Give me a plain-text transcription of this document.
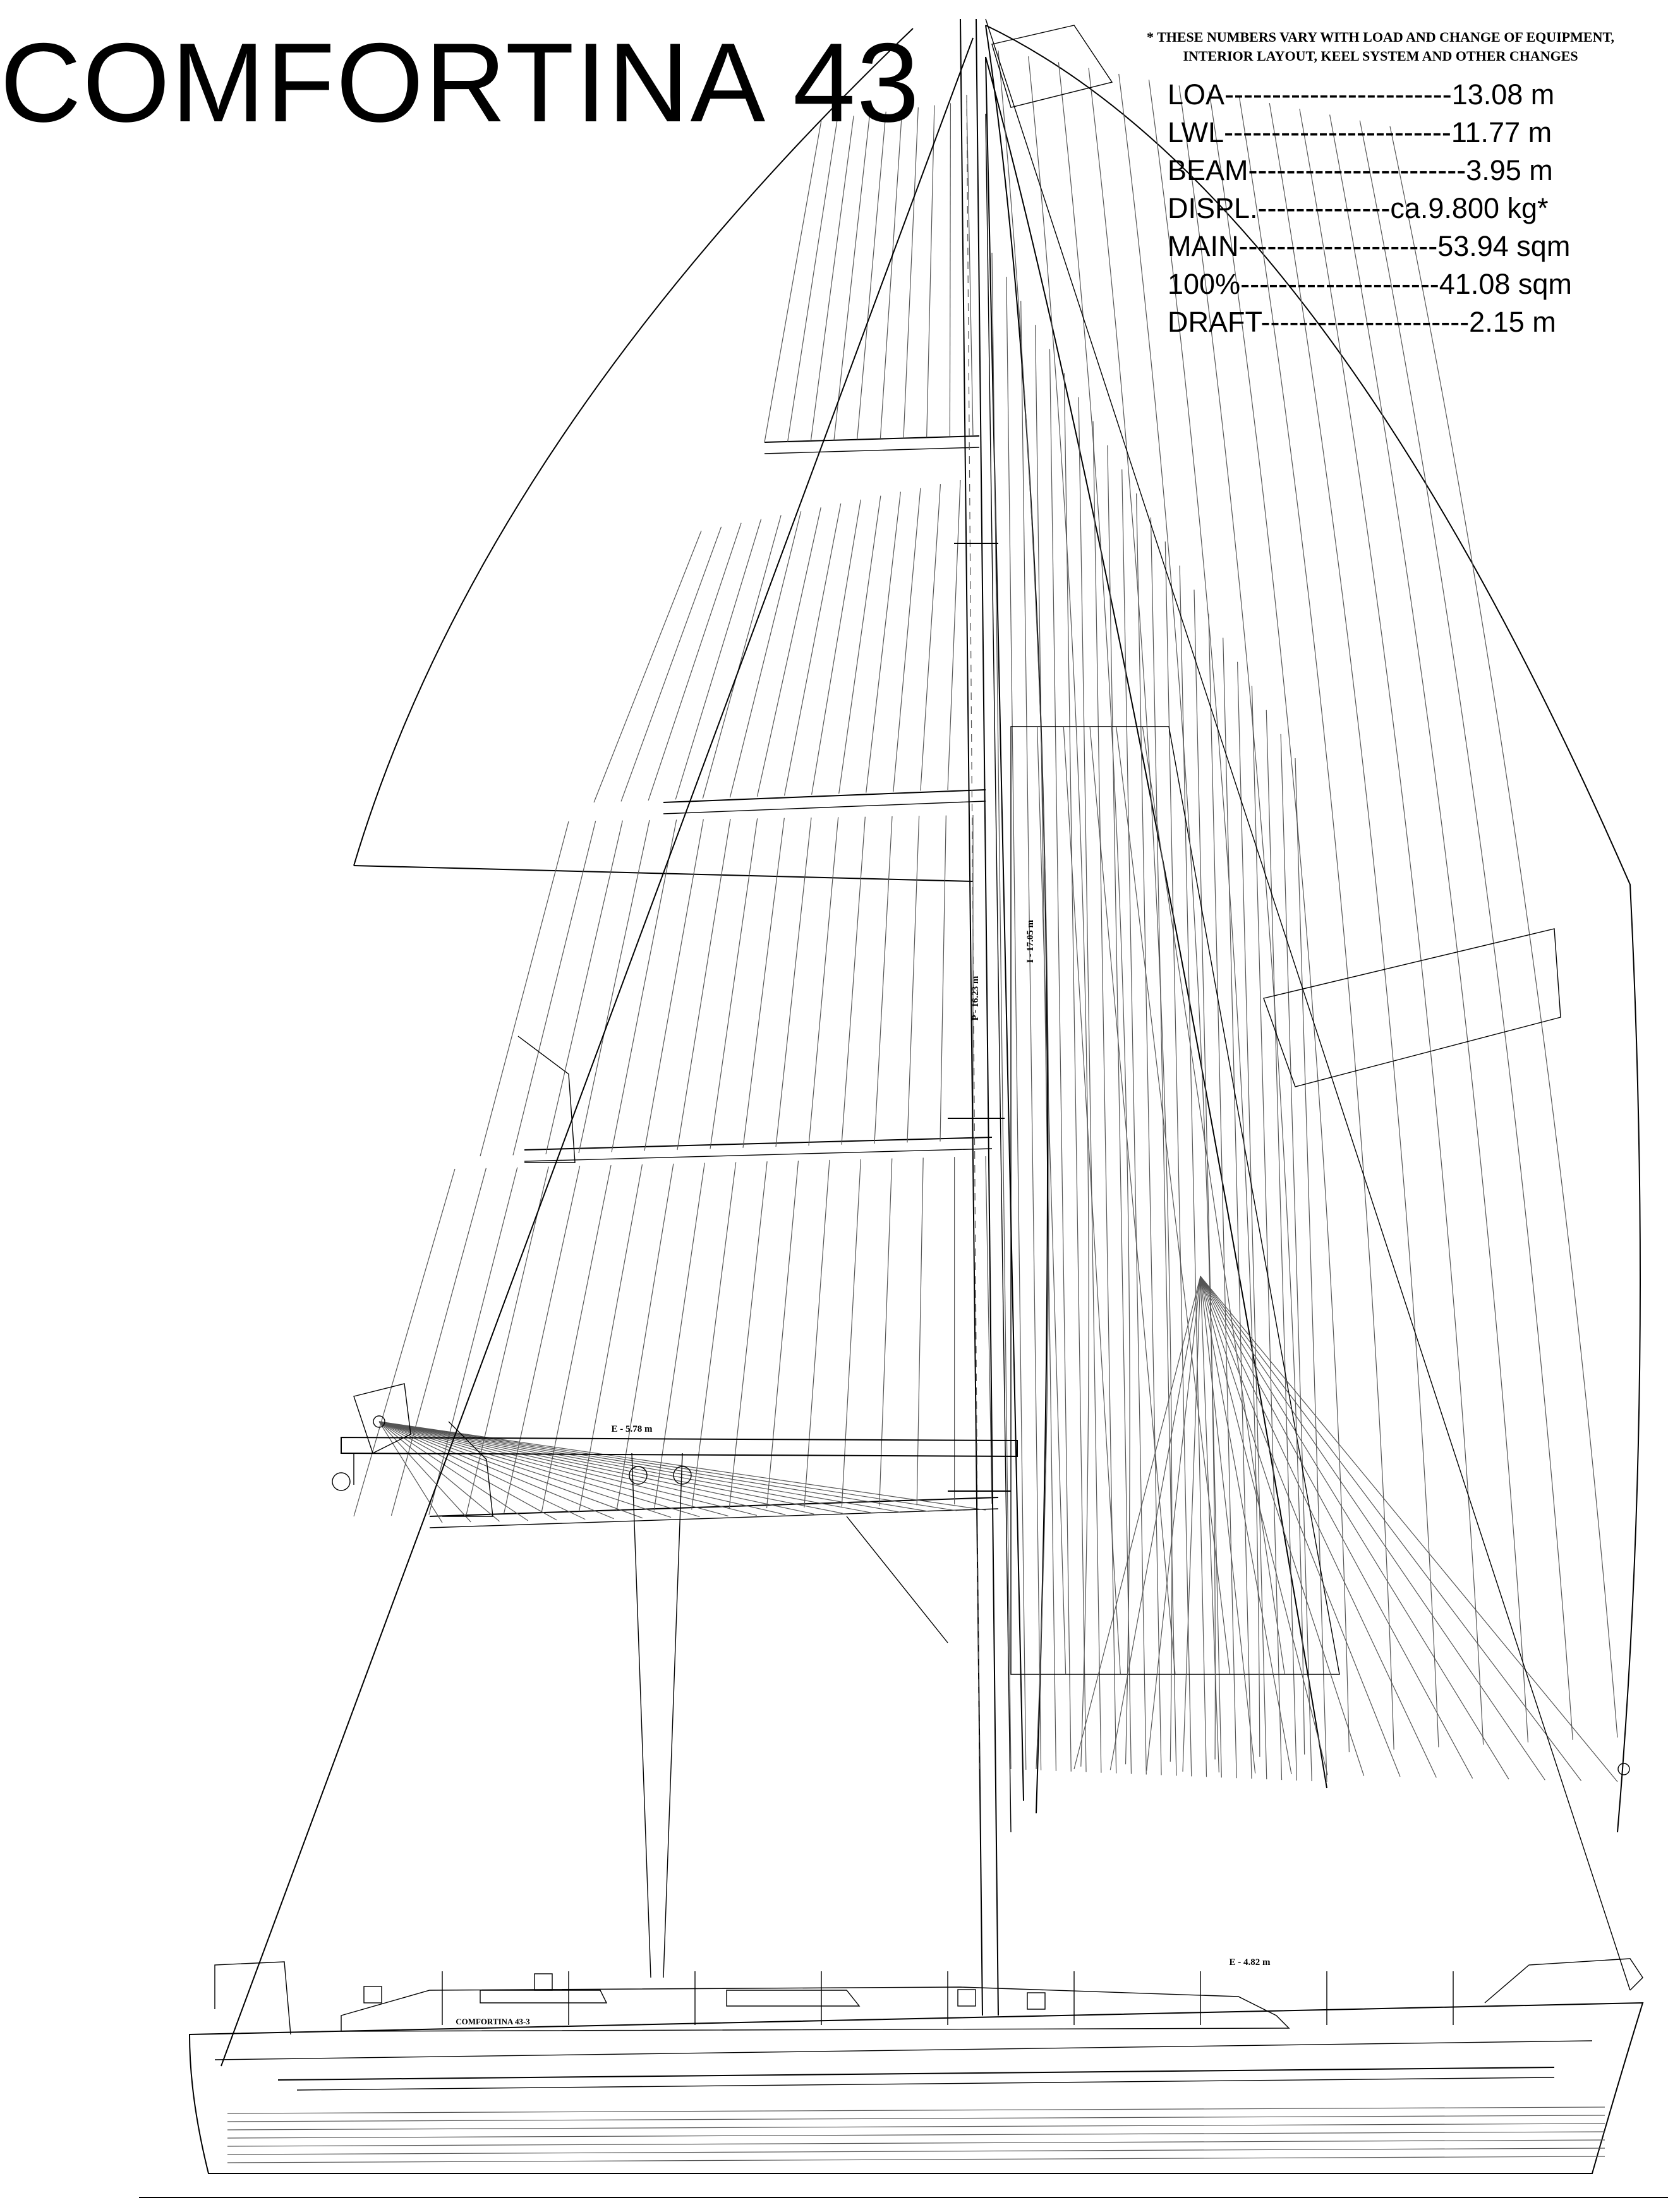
P - 16.23 m
I - 17.05 m
E - 5.78 m
E - 4.82 m
COMFORTINA 43-3
COMFORTINA 43	* THESE NUMBERS VARY WITH LOAD AND CHANGE OF EQUIPMENT,
INTERIOR LAYOUT, KEEL SYSTEM AND OTHER CHANGES
LOA------------------------13.08 m
LWL------------------------11.77 m
BEAM-----------------------3.95 m
DISPL.--------------ca.9.800 kg*
MAIN---------------------53.94 sqm
100%---------------------41.08 sqm
DRAFT----------------------2.15 m
